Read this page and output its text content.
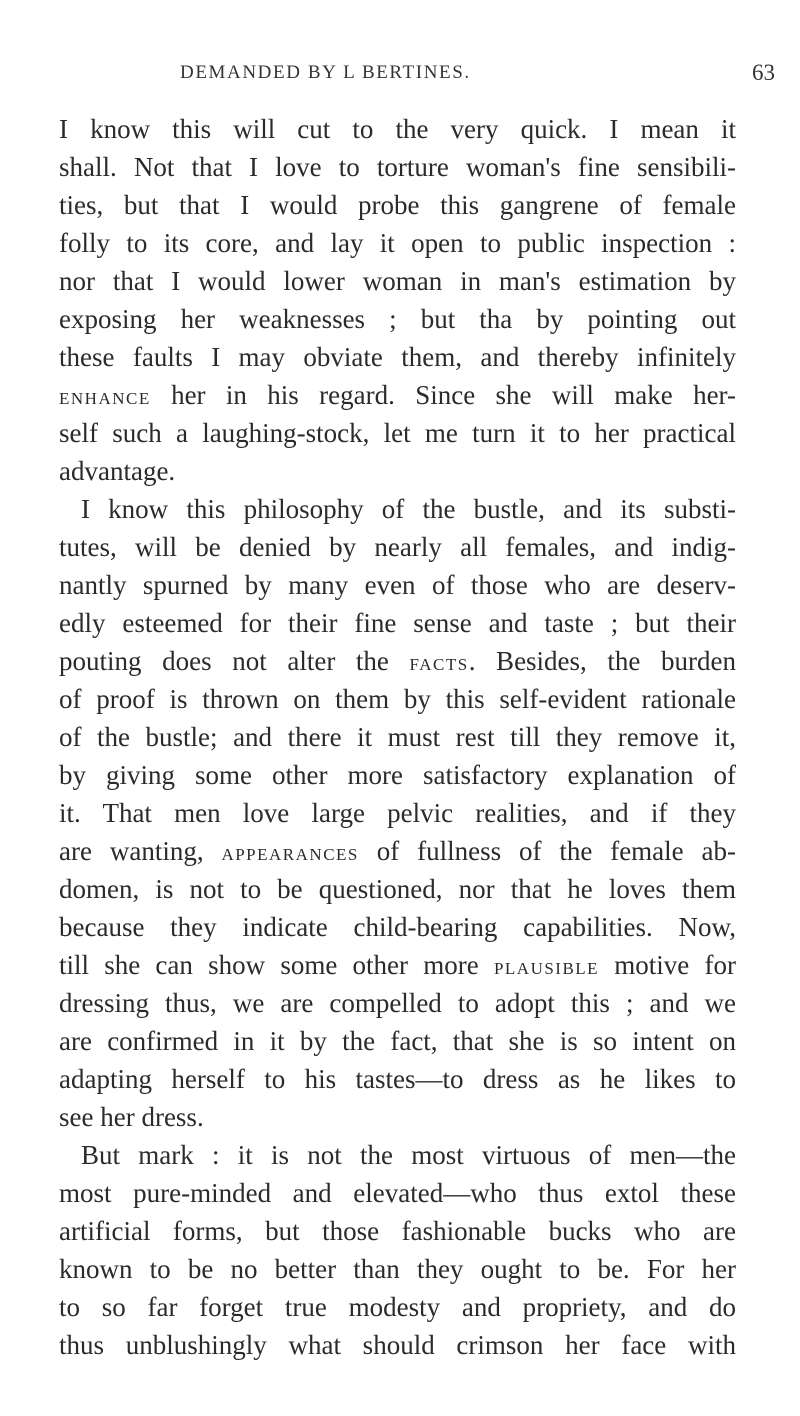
DEMANDED BY L BERTINES.	63
I know this will cut to the very quick. I mean it
shall. Not that I love to torture woman's fine sensibili-
ties, but that I would probe this gangrene of female
folly to its core, and lay it open to public inspection :
nor that I would lower woman in man's estimation by
exposing her weaknesses ; but tha by pointing out
these faults I may obviate them, and thereby infinitely
ENHANCE her in his regard. Since she will make her-
self such a laughing-stock, let me turn it to her practical
advantage.
I know this philosophy of the bustle, and its substi-
tutes, will be denied by nearly all females, and indig-
nantly spurned by many even of those who are deserv-
edly esteemed for their fine sense and taste ; but their
pouting does not alter the FACTS. Besides, the burden
of proof is thrown on them by this self-evident rationale
of the bustle; and there it must rest till they remove it,
by giving some other more satisfactory explanation of
it. That men love large pelvic realities, and if they
are wanting, APPEARANCES of fullness of the female ab-
domen, is not to be questioned, nor that he loves them
because they indicate child-bearing capabilities. Now,
till she can show some other more PLAUSIBLE motive for
dressing thus, we are compelled to adopt this ; and we
are confirmed in it by the fact, that she is so intent on
adapting herself to his tastes—to dress as he likes to
see her dress.
But mark : it is not the most virtuous of men—the
most pure-minded and elevated—who thus extol these
artificial forms, but those fashionable bucks who are
known to be no better than they ought to be. For her
to so far forget true modesty and propriety, and do
thus unblushingly what should crimson her face with
